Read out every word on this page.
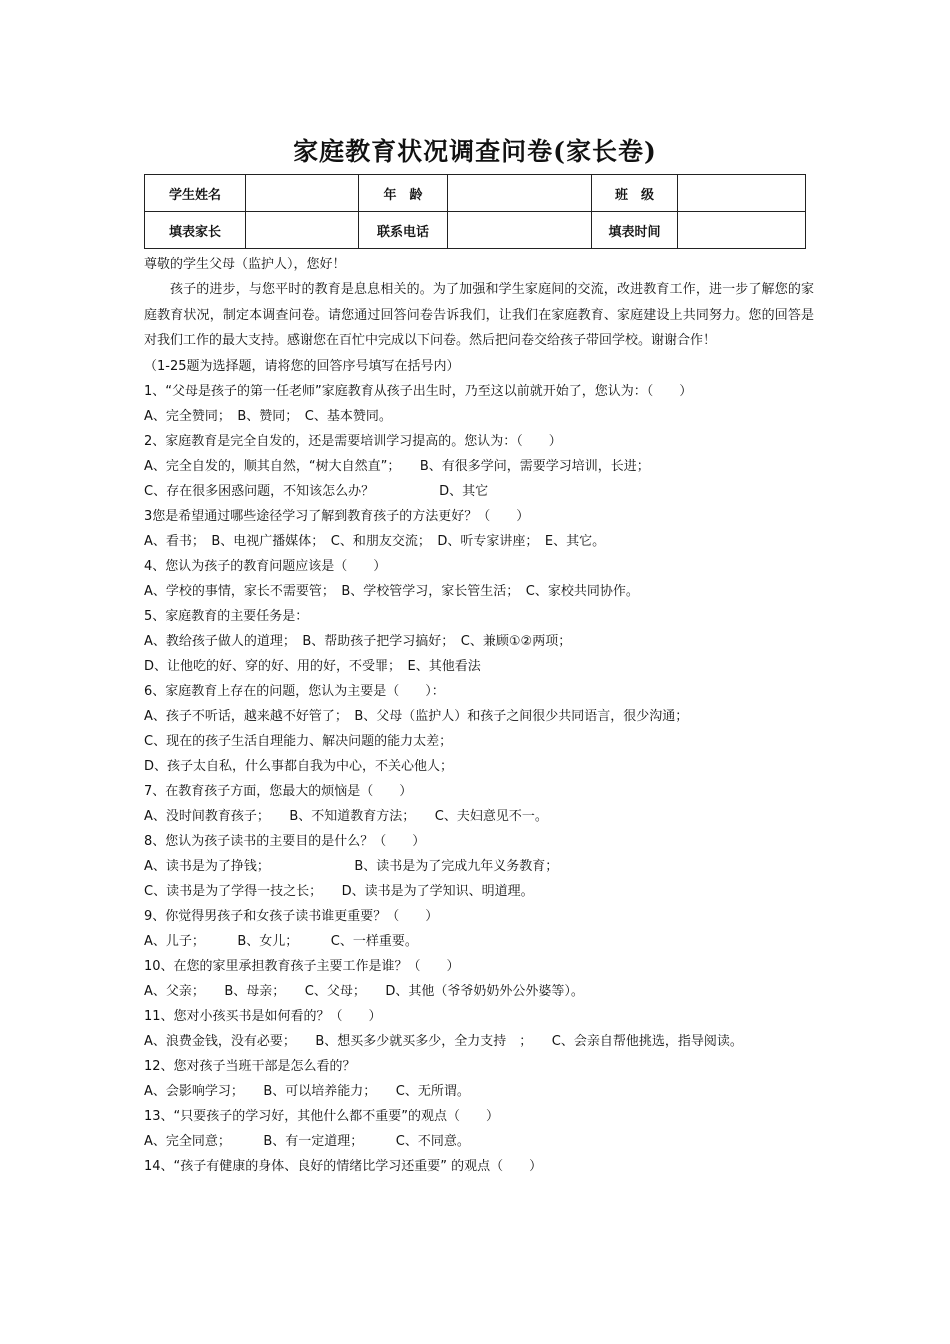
家庭教育状况调查问卷(家长卷)
学生姓名		年　龄		班　级	
填表家长		联系电话		填表时间	
尊敬的学生父母（监护人），您好！

孩子的进步，与您平时的教育是息息相关的。为了加强和学生家庭间的交流，改进教育工作，进一步了解您的家庭教育状况，制定本调查问卷。请您通过回答问卷告诉我们，让我们在家庭教育、家庭建设上共同努力。您的回答是对我们工作的最大支持。感谢您在百忙中完成以下问卷。然后把问卷交给孩子带回学校。谢谢合作！

（1-25题为选择题，请将您的回答序号填写在括号内）
1、“父母是孩子的第一任老师”家庭教育从孩子出生时，乃至这以前就开始了，您认为：（　　）
A、完全赞同；　B、赞同；　C、基本赞同。
2、家庭教育是完全自发的，还是需要培训学习提高的。您认为：（　　）
A、完全自发的，顺其自然，“树大自然直”；　　B、有很多学问，需要学习培训，长进；
C、存在很多困惑问题，不知该怎么办？　　　　　D、其它
3您是希望通过哪些途径学习了解到教育孩子的方法更好？（　　）
A、看书；　B、电视广播媒体；　C、和朋友交流；　D、听专家讲座；　E、其它。
4、您认为孩子的教育问题应该是（　　）
A、学校的事情，家长不需要管；　B、学校管学习，家长管生活；　C、家校共同协作。
5、家庭教育的主要任务是：
A、教给孩子做人的道理；　B、帮助孩子把学习搞好；　C、兼顾①②两项；
D、让他吃的好、穿的好、用的好，不受罪；　E、其他看法
6、家庭教育上存在的问题，您认为主要是（　　）：
A、孩子不听话，越来越不好管了；　B、父母（监护人）和孩子之间很少共同语言，很少沟通；
C、现在的孩子生活自理能力、解决问题的能力太差；
D、孩子太自私，什么事都自我为中心，不关心他人；
7、在教育孩子方面，您最大的烦恼是（　　）
A、没时间教育孩子；　　B、不知道教育方法；　　C、夫妇意见不一。
8、您认为孩子读书的主要目的是什么？（　　）
A、读书是为了挣钱；　　　　　　　B、读书是为了完成九年义务教育；
C、读书是为了学得一技之长；　　D、读书是为了学知识、明道理。
9、你觉得男孩子和女孩子读书谁更重要？（　　）
A、儿子；　　　B、女儿；　　　C、一样重要。
10、在您的家里承担教育孩子主要工作是谁？（　　）
A、父亲；　　B、母亲；　　C、父母；　　D、其他（爷爷奶奶外公外婆等）。
11、您对小孩买书是如何看的？（　　）
A、浪费金钱，没有必要；　　B、想买多少就买多少，全力支持　；　　C、会亲自帮他挑选，指导阅读。
12、您对孩子当班干部是怎么看的？
A、会影响学习；　　B、可以培养能力；　　C、无所谓。
13、“只要孩子的学习好，其他什么都不重要”的观点（　　）
A、完全同意；　　　B、有一定道理；　　　C、不同意。
14、“孩子有健康的身体、良好的情绪比学习还重要” 的观点（　　）
